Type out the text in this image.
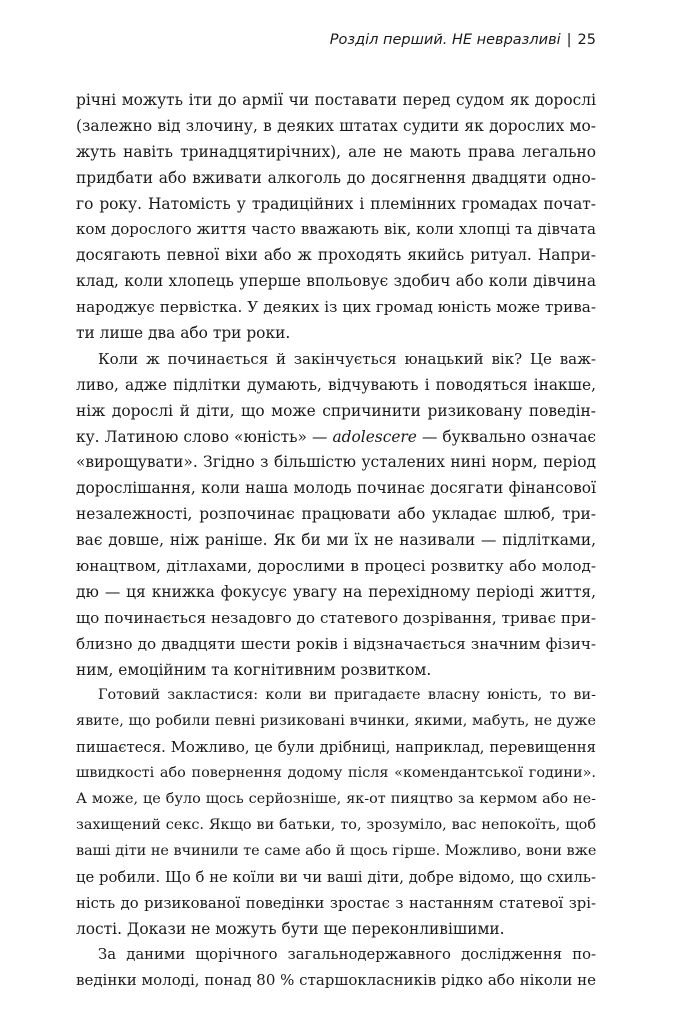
Розділ перший. НЕ невразливі | 25

річні можуть іти до армії чи поставати перед судом як дорослі
(залежно від злочину, в деяких штатах судити як дорослих мо-
жуть навіть тринадцятирічних), але не мають права легально
придбати або вживати алкоголь до досягнення двадцяти одно-
го року. Натомість у традиційних і племінних громадах почат-
ком дорослого життя часто вважають вік, коли хлопці та дівчата
досягають певної віхи або ж проходять якийсь ритуал. Напри-
клад, коли хлопець уперше впольовує здобич або коли дівчина
народжує первістка. У деяких із цих громад юність може трива-
ти лише два або три роки.

Коли ж починається й закінчується юнацький вік? Це важ-
ливо, адже підлітки думають, відчувають і поводяться інакше,
ніж дорослі й діти, що може спричинити ризиковану поведін-
ку. Латиною слово «юність» — adolescere — буквально означає
«вирощувати». Згідно з більшістю усталених нині норм, період
дорослішання, коли наша молодь починає досягати фінансової
незалежності, розпочинає працювати або укладає шлюб, три-
ває довше, ніж раніше. Як би ми їх не називали — підлітками,
юнацтвом, дітлахами, дорослими в процесі розвитку або молод-
дю — ця книжка фокусує увагу на перехідному періоді життя,
що починається незадовго до статевого дозрівання, триває при-
близно до двадцяти шести років і відзначається значним фізич-
ним, емоційним та когнітивним розвитком.

Готовий закластися: коли ви пригадаєте власну юність, то ви-
явите, що робили певні ризиковані вчинки, якими, мабуть, не дуже
пишаєтеся. Можливо, це були дрібниці, наприклад, перевищення
швидкості або повернення додому після «комендантської години».
А може, це було щось серйозніше, як-от пияцтво за кермом або не-
захищений секс. Якщо ви батьки, то, зрозуміло, вас непокоїть, щоб
ваші діти не вчинили те саме або й щось гірше. Можливо, вони вже
це робили. Що б не коїли ви чи ваші діти, добре відомо, що схиль-
ність до ризикованої поведінки зростає з настанням статевої зрі-
лості. Докази не можуть бути ще переконливішими.

За даними щорічного загальнодержавного дослідження по-
ведінки молоді, понад 80 % старшокласників рідко або ніколи не
